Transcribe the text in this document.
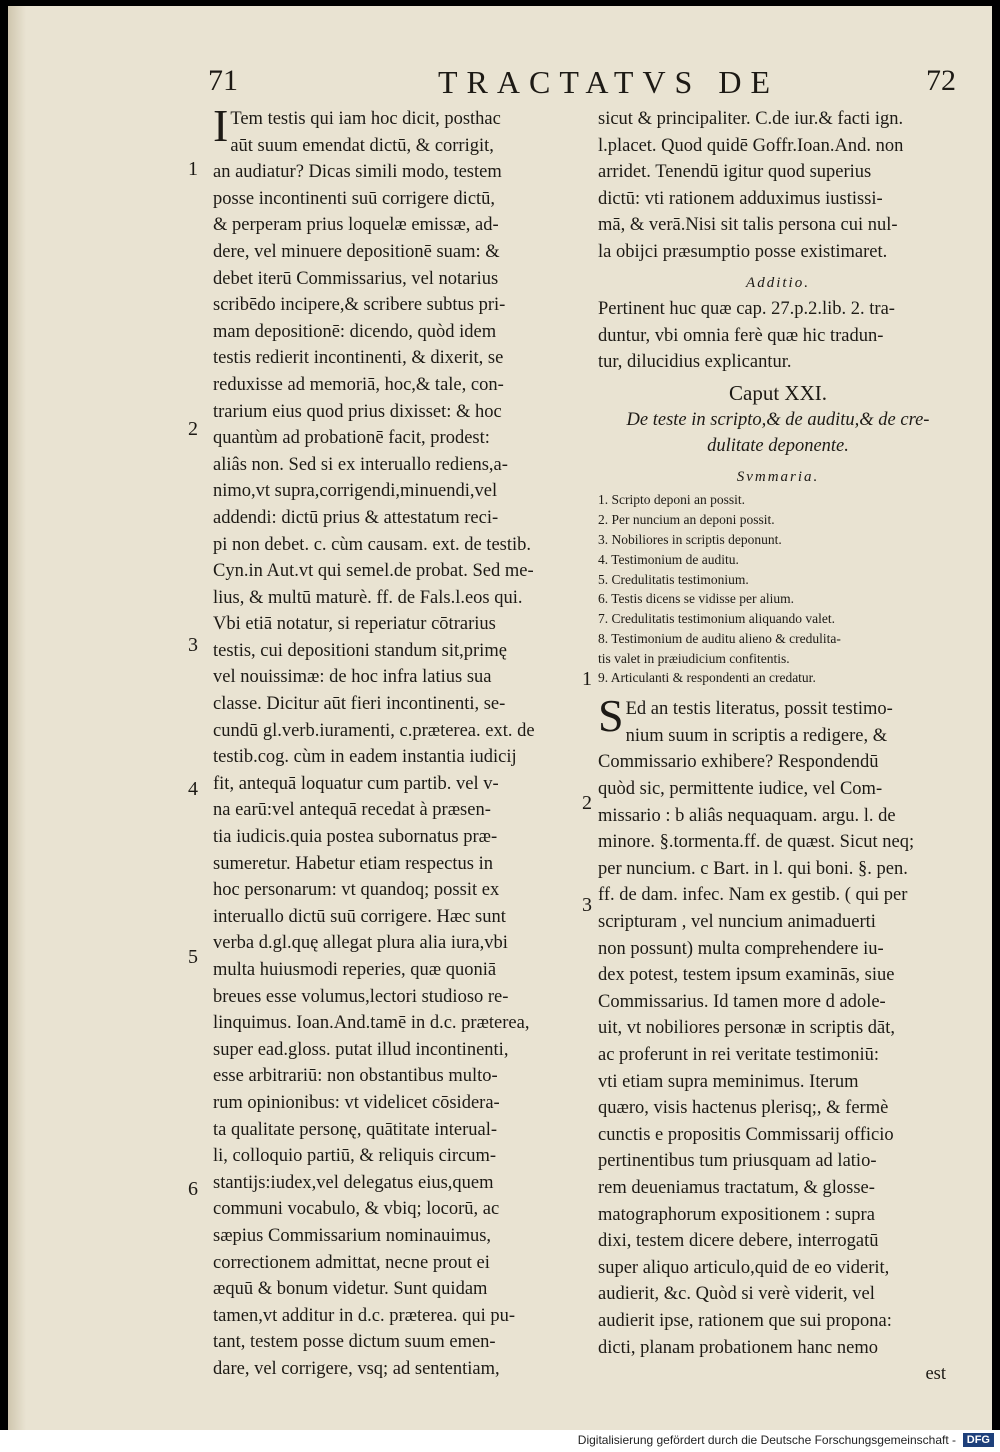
71	TRACTATVS DE	72
I Tem testis qui iam hoc dicit, posthac
aūt suum emendat dictū, & corrigit,
an audiatur? Dicas simili modo, testem
posse incontinenti suū corrigere dictū,
& perperam prius loquelæ emissæ, ad-
dere, vel minuere depositionē suam: &
debet iterū Commissarius, vel notarius
scribēdo incipere,& scribere subtus pri-
mam depositionē: dicendo, quòd idem
testis redierit incontinenti, & dixerit, se
reduxisse ad memoriā, hoc,& tale, con-
trarium eius quod prius dixisset: & hoc
quantùm ad probationē facit, prodest:
aliâs non. Sed si ex interuallo rediens,a-
nimo,vt supra,corrigendi,minuendi,vel
addendi: dictū prius & attestatum reci-
pi non debet. c. cùm causam. ext. de testib.
Cyn.in Aut.vt qui semel.de probat. Sed me-
lius, & multū maturè. ff. de Fals.l.eos qui.
Vbi etiā notatur, si reperiatur cōtrarius
testis, cui depositioni standum sit,primę
vel nouissimæ: de hoc infra latius sua
classe. Dicitur aūt fieri incontinenti, se-
cundū gl.verb.iuramenti, c.præterea. ext. de
testib.cog. cùm in eadem instantia iudicij
fit, antequā loquatur cum partib. vel v-
na earū:vel antequā recedat à præsen-
tia iudicis.quia postea subornatus præ-
sumeretur. Habetur etiam respectus in
hoc personarum: vt quandoq; possit ex
interuallo dictū suū corrigere. Hæc sunt
verba d.gl.quę allegat plura alia iura,vbi
multa huiusmodi reperies, quæ quoniā
breues esse volumus,lectori studioso re-
linquimus. Ioan.And.tamē in d.c. præterea,
super ead.gloss. putat illud incontinenti,
esse arbitrariū: non obstantibus multo-
rum opinionibus: vt videlicet cōsidera-
ta qualitate personę, quātitate interual-
li, colloquio partiū, & reliquis circum-
stantijs:iudex,vel delegatus eius,quem
communi vocabulo, & vbiq; locorū, ac
sæpius Commissarium nominauimus,
correctionem admittat, necne prout ei
æquū & bonum videtur. Sunt quidam
tamen,vt additur in d.c. præterea. qui pu-
tant, testem posse dictum suum emen-
dare, vel corrigere, vsq; ad sententiam,
sicut & principaliter. C.de iur.& facti ign.
l.placet. Quod quidē Goffr.Ioan.And. non
arridet. Tenendū igitur quod superius
dictū: vti rationem adduximus iustissi-
mā, & verā.Nisi sit talis persona cui nul-
la obijci præsumptio posse existimaret.
Additio.
Pertinent huc quæ cap. 27.p.2.lib. 2. tra-
duntur, vbi omnia ferè quæ hic tradun-
tur, dilucidius explicantur.
Caput XXI.
De teste in scripto,& de auditu,& de cre-
dulitate deponente.
Svmmaria.
1. Scripto deponi an possit.
2. Per nuncium an deponi possit.
3. Nobiliores in scriptis deponunt.
4. Testimonium de auditu.
5. Credulitatis testimonium.
6. Testis dicens se vidisse per alium.
7. Credulitatis testimonium aliquando valet.
8. Testimonium de auditu alieno & credulita-
tis valet in præiudicium confitentis.
9. Articulanti & respondenti an credatur.
S Ed an testis literatus, possit testimo-
nium suum in scriptis a redigere, &
Commissario exhibere? Respondendū
quòd sic, permittente iudice, vel Com-
missario : b aliâs nequaquam. argu. l. de
minore. §.tormenta.ff. de quæst. Sicut neq;
per nuncium. c Bart. in l. qui boni. §. pen.
ff. de dam. infec. Nam ex gestib. ( qui per
scripturam , vel nuncium animaduerti
non possunt) multa comprehendere iu-
dex potest, testem ipsum examinās, siue
Commissarius. Id tamen more d adole-
uit, vt nobiliores personæ in scriptis dāt,
ac proferunt in rei veritate testimoniū:
vti etiam supra meminimus. Iterum
quæro, visis hactenus plerisq;, & fermè
cunctis e propositis Commissarij officio
pertinentibus tum priusquam ad latio-
rem deueniamus tractatum, & glosse-
matographorum expositionem : supra
dixi, testem dicere debere, interrogatū
super aliquo articulo,quid de eo viderit,
audierit, &c. Quòd si verè viderit, vel
audierit ipse, rationem que sui propona:
dicti, planam probationem hanc nemo
est
1
2
3
4
5
6
1
2
3
Digitalisierung gefördert durch die Deutsche Forschungsgemeinschaft - DFG
